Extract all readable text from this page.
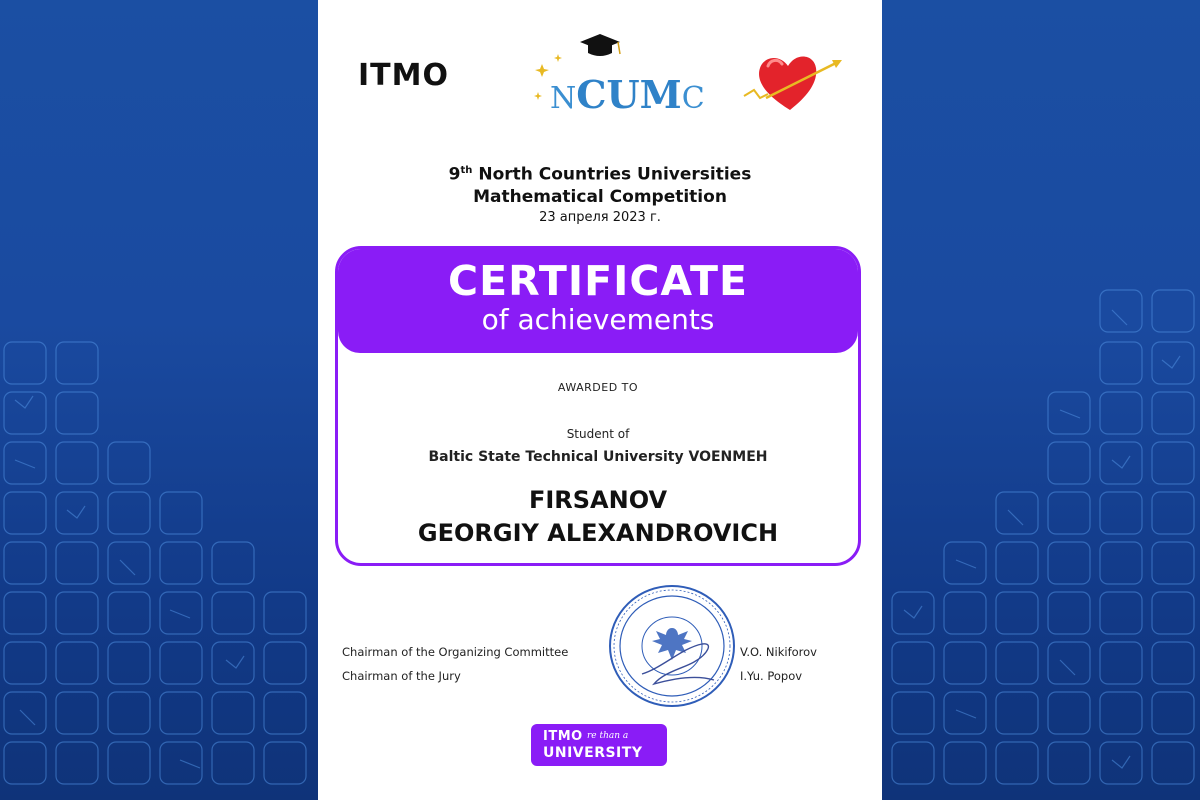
ITMO
NCUMC
9th North Countries Universities
Mathematical Competition
23 апреля 2023 г.
CERTIFICATE
of achievements
AWARDED TO
Student of
Baltic State Technical University VOENMEH
FIRSANOV
GEORGIY ALEXANDROVICH
Chairman of the Organizing Committee	V.O. Nikiforov
Chairman of the Jury	I.Yu. Popov
ITMO re than a
UNIVERSITY
